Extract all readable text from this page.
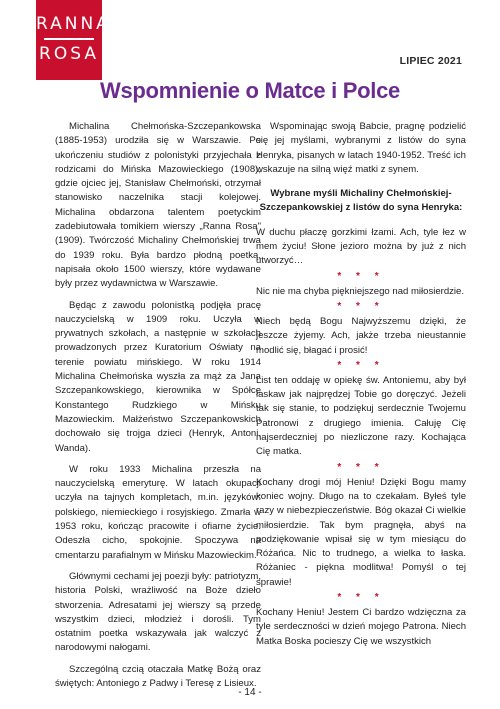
RANNA
ROSA	LIPIEC 2021
Wspomnienie o Matce i Polce

Michalina Chełmońska-Szczepankowska (1885-1953) urodziła się w Warszawie. Po ukończeniu studiów z polonistyki przyjechała z rodzicami do Mińska Mazowieckiego (1908), gdzie ojciec jej, Stanisław Chełmoński, otrzymał stanowisko naczelnika stacji kolejowej. Michalina obdarzona talentem poetyckim zadebiutowała tomikiem wierszy „Ranna Rosa" (1909). Twórczość Michaliny Chełmońskiej trwa do 1939 roku. Była bardzo płodną poetką, napisała około 1500 wierszy, które wydawane były przez wydawnictwa w Warszawie.

Będąc z zawodu polonistką podjęła pracę nauczycielską w 1909 roku. Uczyła w prywatnych szkołach, a następnie w szkołach prowadzonych przez Kuratorium Oświaty na terenie powiatu mińskiego. W roku 1914 Michalina Chełmońska wyszła za mąż za Jana Szczepankowskiego, kierownika w Spółce Konstantego Rudzkiego w Mińsku Mazowieckim. Małżeństwo Szczepankowskich dochowało się trojga dzieci (Henryk, Antoni, Wanda).

W roku 1933 Michalina przeszła na nauczycielską emeryturę. W latach okupacji uczyła na tajnych kompletach, m.in. języków: polskiego, niemieckiego i rosyjskiego. Zmarła w 1953 roku, kończąc pracowite i ofiarne życie. Odeszła cicho, spokojnie. Spoczywa na cmentarzu parafialnym w Mińsku Mazowieckim.

Głównymi cechami jej poezji były: patriotyzm, historia Polski, wrażliwość na Boże dzieło stworzenia. Adresatami jej wierszy są przede wszystkim dzieci, młodzież i dorośli. Tym ostatnim poetka wskazywała jak walczyć z narodowymi nałogami.

Szczególną czcią otaczała Matkę Bożą oraz świętych: Antoniego z Padwy i Teresę z Lisieux.

Wspominając swoją Babcie, pragnę podzielić się jej myślami, wybranymi z listów do syna Henryka, pisanych w latach 1940-1952. Treść ich wskazuje na silną więź matki z synem.

Wybrane myśli Michaliny Chełmońskiej-Szczepankowskiej z listów do syna Henryka:

W duchu płaczę gorzkimi łzami. Ach, tyle łez w mem życiu! Słone jezioro można by już z nich utworzyć…

* * *

Nic nie ma chyba piękniejszego nad miłosierdzie.

* * *

Niech będą Bogu Najwyższemu dzięki, że jeszcze żyjemy. Ach, jakże trzeba nieustannie modlić się, błagać i prosić!

* * *

List ten oddaję w opiekę św. Antoniemu, aby był łaskaw jak najprędzej Tobie go doręczyć. Jeżeli tak się stanie, to podziękuj serdecznie Twojemu Patronowi z drugiego imienia. Całuję Cię najserdeczniej po niezliczone razy. Kochająca Cię matka.

* * *

Kochany drogi mój Heniu! Dzięki Bogu mamy koniec wojny. Długo na to czekałam. Byłeś tyle razy w niebezpieczeństwie. Bóg okazał Ci wielkie miłosierdzie. Tak bym pragnęła, abyś na podziękowanie wpisał się w tym miesiącu do Różańca. Nic to trudnego, a wielka to łaska. Różaniec - piękna modlitwa! Pomyśl o tej sprawie!

* * *

Kochany Heniu! Jestem Ci bardzo wdzięczna za tyle serdeczności w dzień mojego Patrona. Niech Matka Boska pocieszy Cię we wszystkich

- 14 -
